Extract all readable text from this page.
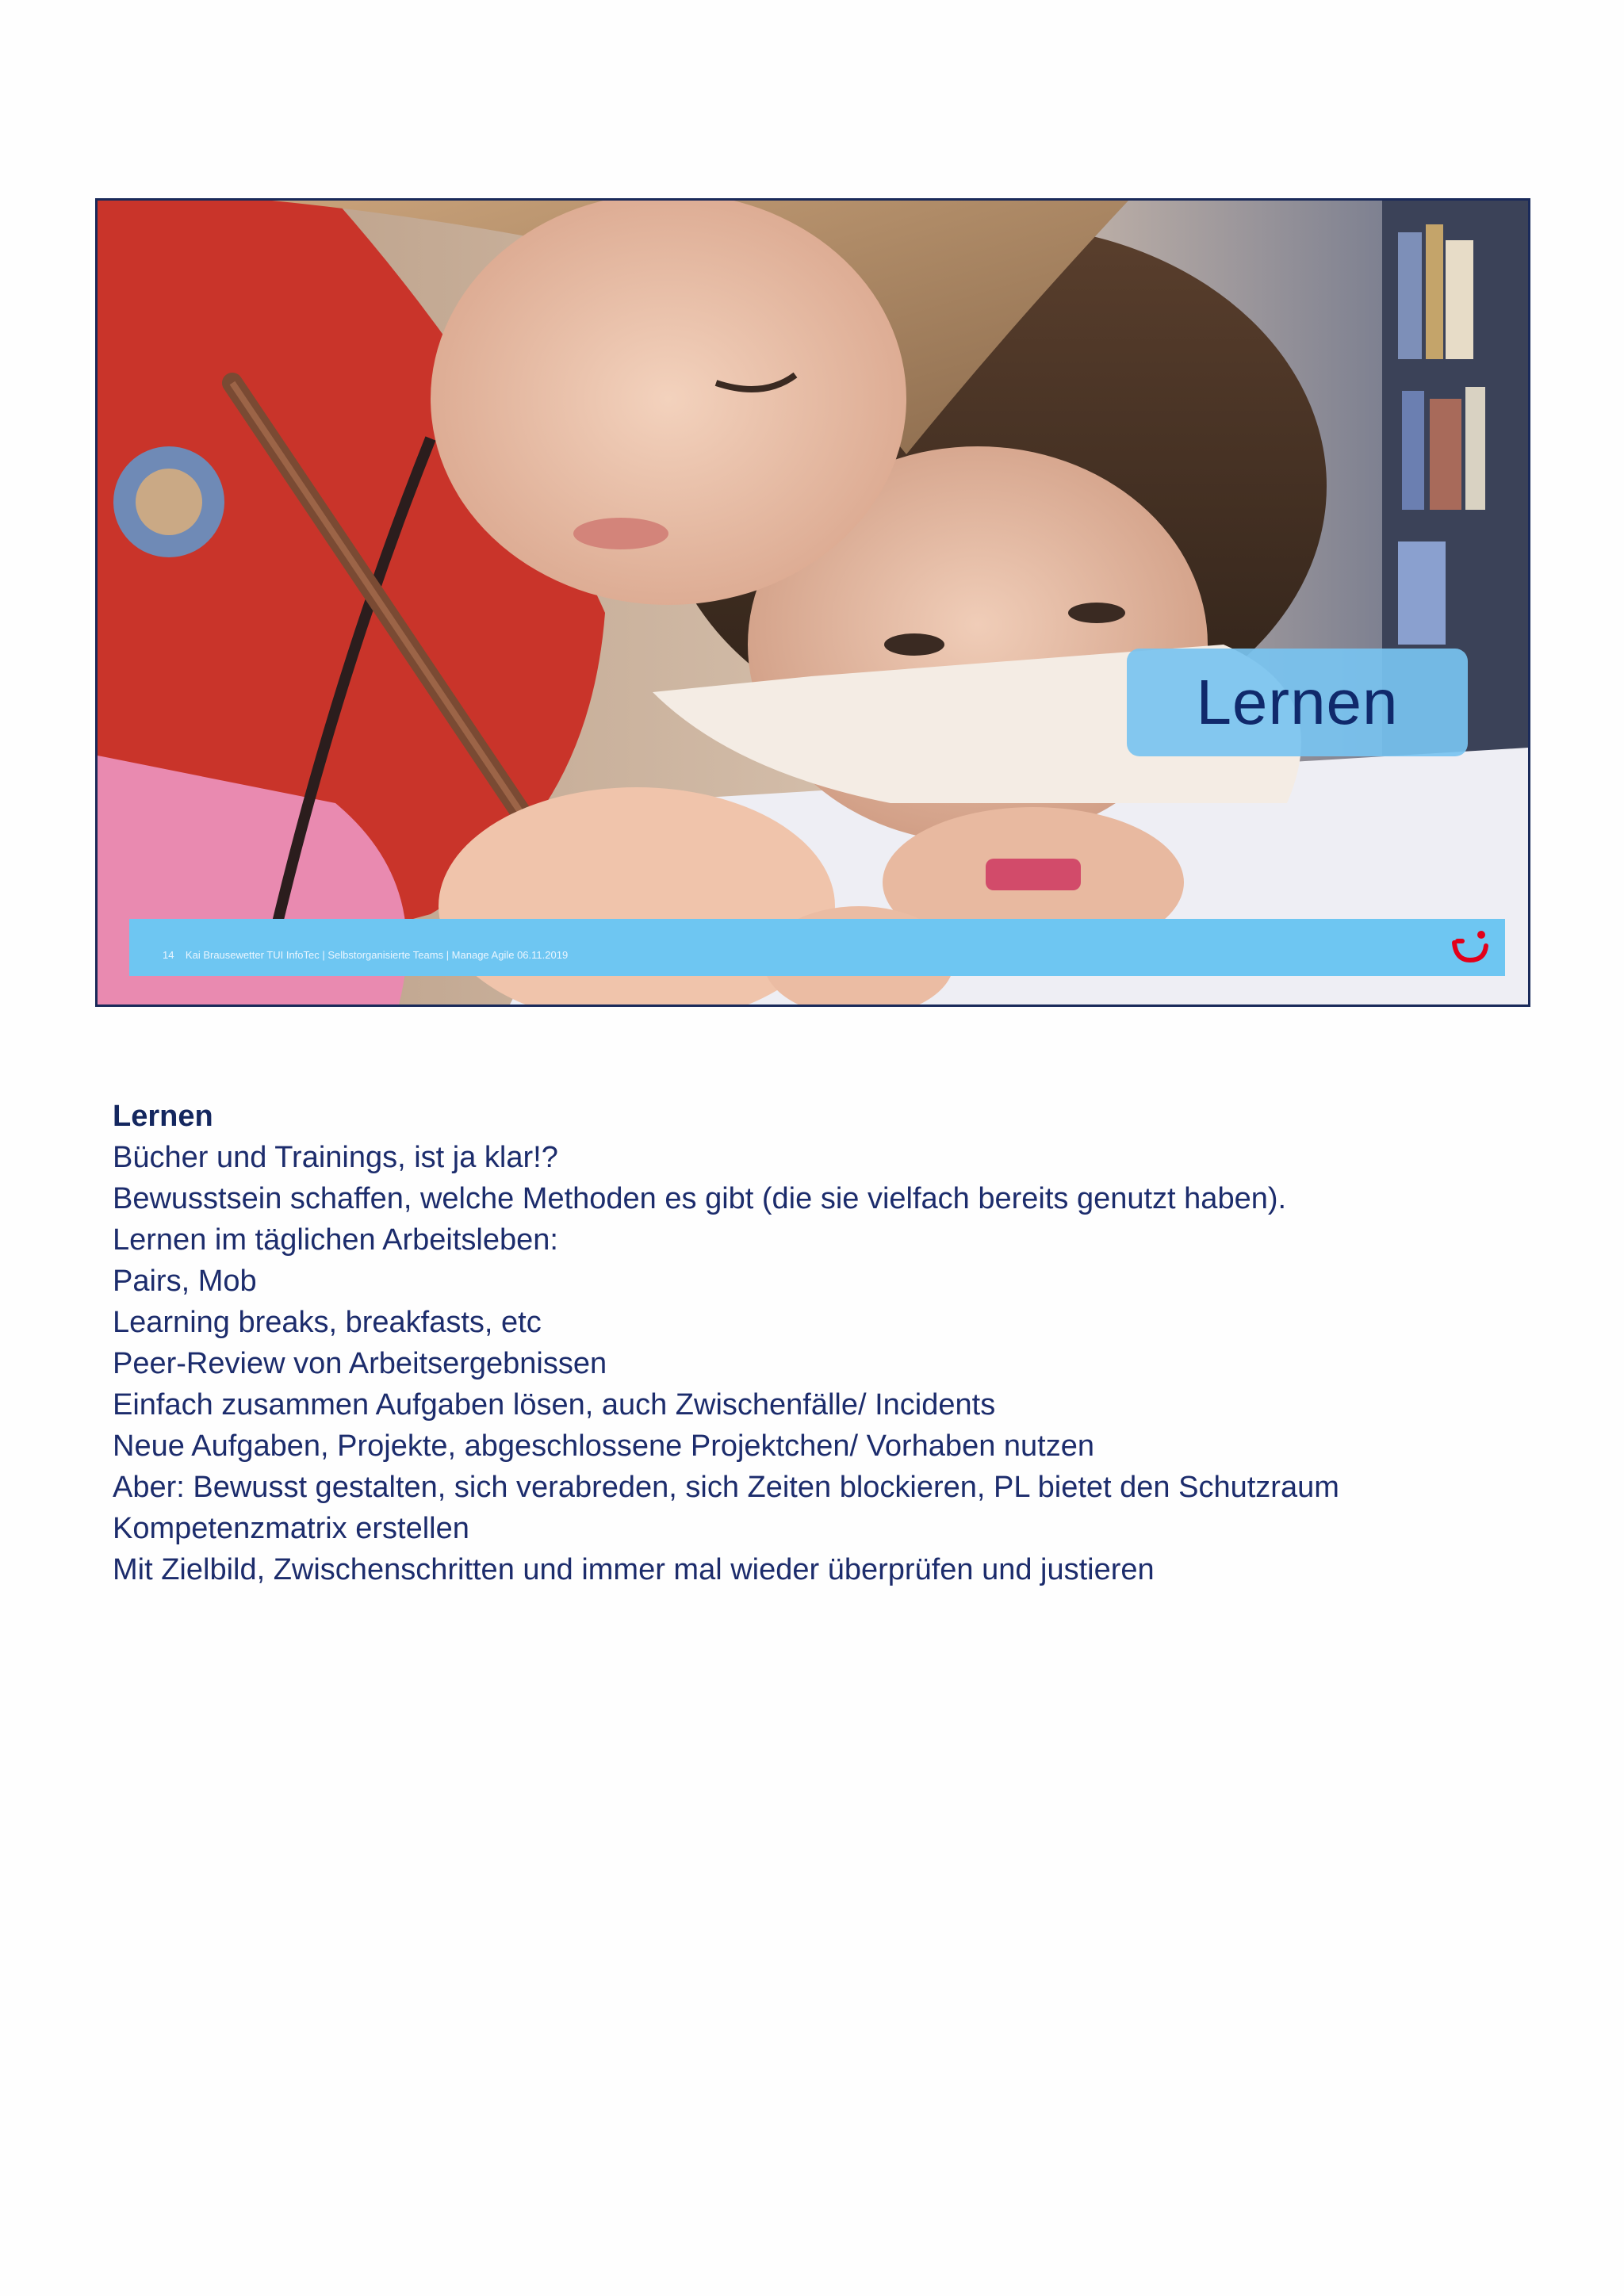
Lernen
14 Kai Brausewetter TUI InfoTec | Selbstorganisierte Teams | Manage Agile 06.11.2019
Lernen
Bücher und Trainings, ist ja klar!?
Bewusstsein schaffen, welche Methoden es gibt (die sie vielfach bereits genutzt haben).
Lernen im täglichen Arbeitsleben:
Pairs, Mob
Learning breaks, breakfasts, etc
Peer-Review von Arbeitsergebnissen
Einfach zusammen Aufgaben lösen, auch Zwischenfälle/ Incidents
Neue Aufgaben, Projekte, abgeschlossene Projektchen/ Vorhaben nutzen
Aber: Bewusst gestalten, sich verabreden, sich Zeiten blockieren, PL bietet den Schutzraum
Kompetenzmatrix erstellen
Mit Zielbild, Zwischenschritten und immer mal wieder überprüfen und justieren
